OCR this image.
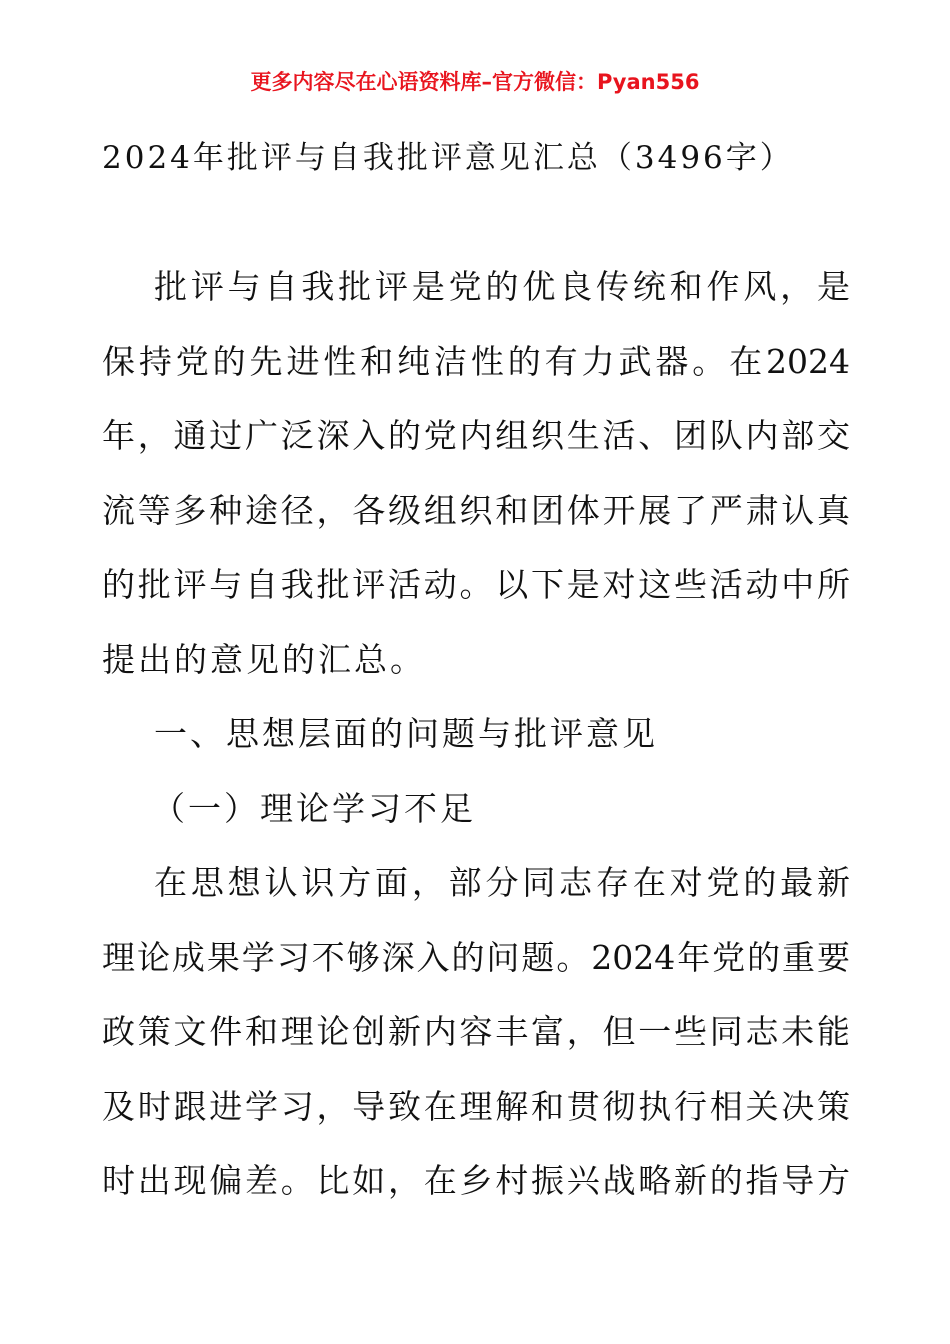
更多内容尽在心语资料库–官方微信：Pyan556
2024年批评与自我批评意见汇总（3496字）
批评与自我批评是党的优良传统和作风，是
保持党的先进性和纯洁性的有力武器。在2024
年，通过广泛深入的党内组织生活、团队内部交
流等多种途径，各级组织和团体开展了严肃认真
的批评与自我批评活动。以下是对这些活动中所
提出的意见的汇总。
一、思想层面的问题与批评意见
（一）理论学习不足
在思想认识方面，部分同志存在对党的最新
理论成果学习不够深入的问题。2024年党的重要
政策文件和理论创新内容丰富，但一些同志未能
及时跟进学习，导致在理解和贯彻执行相关决策
时出现偏差。比如，在乡村振兴战略新的指导方
